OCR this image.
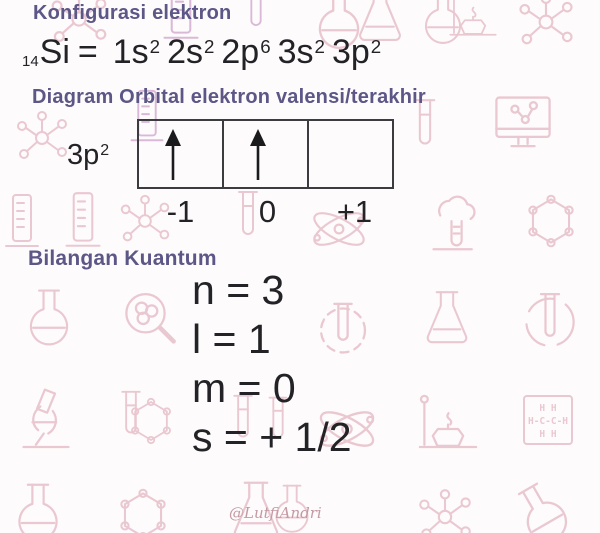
Konfigurasi elektron
$14Si = 1s^2$ $2s^2$ $2p^6$ $3s^2$ $3p^2$
Diagram Orbital elektron valensi/terakhir
$3p^2$
-1	0	+1
Bilangan Kuantum
n = 3
l = 1
m = 0
s = + 1/2
@LutfiAndri
